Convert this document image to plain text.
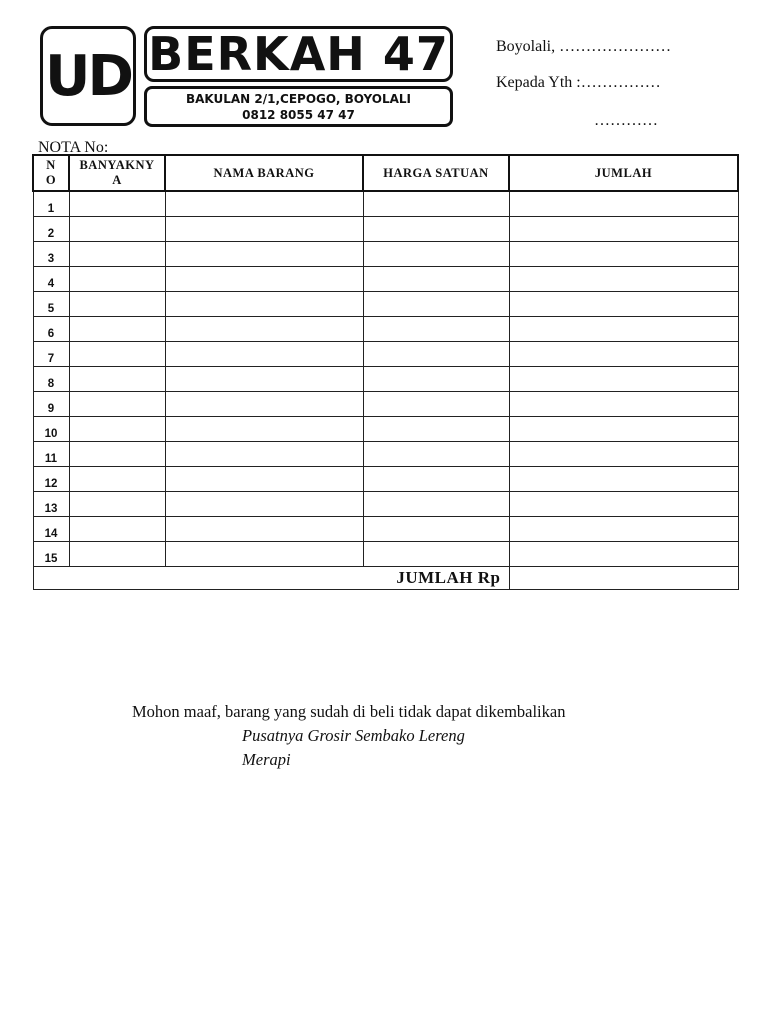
UD BERKAH 47
BAKULAN 2/1,CEPOGO, BOYOLALI
0812 8055 47 47
Boyolali, …………………
Kepada Yth :……………
…………
NOTA No:
N O	BANYAKNYA	NAMA BARANG	HARGA SATUAN	JUMLAH
1				
2				
3				
4				
5				
6				
7				
8				
9				
10				
11				
12				
13				
14				
15				
JUMLAH Rp				
Mohon maaf, barang yang sudah di beli tidak dapat dikembalikan
Pusatnya Grosir Sembako Lereng
Merapi
